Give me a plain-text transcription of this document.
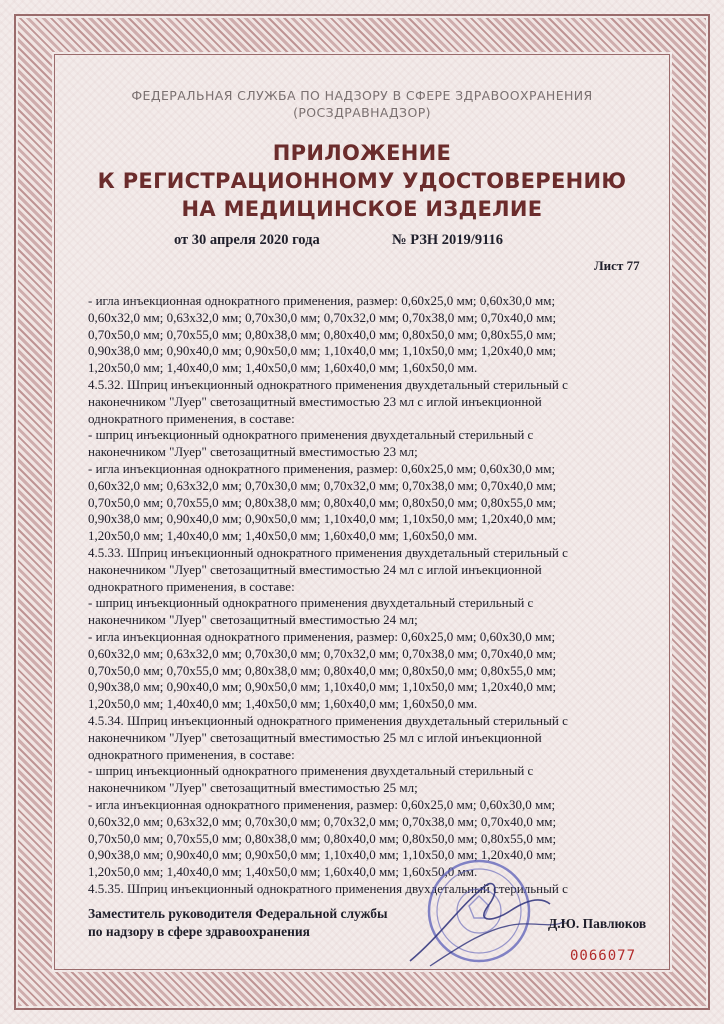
ФЕДЕРАЛЬНАЯ СЛУЖБА ПО НАДЗОРУ В СФЕРЕ ЗДРАВООХРАНЕНИЯ
(РОСЗДРАВНАДЗОР)
ПРИЛОЖЕНИЕ
К РЕГИСТРАЦИОННОМУ УДОСТОВЕРЕНИЮ
НА МЕДИЦИНСКОЕ ИЗДЕЛИЕ
от 30 апреля 2020 года	№ РЗН 2019/9116
Лист 77
- игла инъекционная однократного применения, размер: 0,60x25,0 мм; 0,60x30,0 мм;
0,60x32,0 мм; 0,63x32,0 мм; 0,70x30,0 мм; 0,70x32,0 мм; 0,70x38,0 мм; 0,70x40,0 мм;
0,70x50,0 мм; 0,70x55,0 мм; 0,80x38,0 мм; 0,80x40,0 мм; 0,80x50,0 мм; 0,80x55,0 мм;
0,90x38,0 мм; 0,90x40,0 мм; 0,90x50,0 мм; 1,10x40,0 мм; 1,10x50,0 мм; 1,20x40,0 мм;
1,20x50,0 мм; 1,40x40,0 мм; 1,40x50,0 мм; 1,60x40,0 мм; 1,60x50,0 мм.
4.5.32. Шприц инъекционный однократного применения двухдетальный стерильный с
наконечником "Луер" светозащитный вместимостью 23 мл с иглой инъекционной
однократного применения, в составе:
- шприц инъекционный однократного применения двухдетальный стерильный с
наконечником "Луер" светозащитный вместимостью 23 мл;
- игла инъекционная однократного применения, размер: 0,60x25,0 мм; 0,60x30,0 мм;
0,60x32,0 мм; 0,63x32,0 мм; 0,70x30,0 мм; 0,70x32,0 мм; 0,70x38,0 мм; 0,70x40,0 мм;
0,70x50,0 мм; 0,70x55,0 мм; 0,80x38,0 мм; 0,80x40,0 мм; 0,80x50,0 мм; 0,80x55,0 мм;
0,90x38,0 мм; 0,90x40,0 мм; 0,90x50,0 мм; 1,10x40,0 мм; 1,10x50,0 мм; 1,20x40,0 мм;
1,20x50,0 мм; 1,40x40,0 мм; 1,40x50,0 мм; 1,60x40,0 мм; 1,60x50,0 мм.
4.5.33. Шприц инъекционный однократного применения двухдетальный стерильный с
наконечником "Луер" светозащитный вместимостью 24 мл с иглой инъекционной
однократного применения, в составе:
- шприц инъекционный однократного применения двухдетальный стерильный с
наконечником "Луер" светозащитный вместимостью 24 мл;
- игла инъекционная однократного применения, размер: 0,60x25,0 мм; 0,60x30,0 мм;
0,60x32,0 мм; 0,63x32,0 мм; 0,70x30,0 мм; 0,70x32,0 мм; 0,70x38,0 мм; 0,70x40,0 мм;
0,70x50,0 мм; 0,70x55,0 мм; 0,80x38,0 мм; 0,80x40,0 мм; 0,80x50,0 мм; 0,80x55,0 мм;
0,90x38,0 мм; 0,90x40,0 мм; 0,90x50,0 мм; 1,10x40,0 мм; 1,10x50,0 мм; 1,20x40,0 мм;
1,20x50,0 мм; 1,40x40,0 мм; 1,40x50,0 мм; 1,60x40,0 мм; 1,60x50,0 мм.
4.5.34. Шприц инъекционный однократного применения двухдетальный стерильный с
наконечником "Луер" светозащитный вместимостью 25 мл с иглой инъекционной
однократного применения, в составе:
- шприц инъекционный однократного применения двухдетальный стерильный с
наконечником "Луер" светозащитный вместимостью 25 мл;
- игла инъекционная однократного применения, размер: 0,60x25,0 мм; 0,60x30,0 мм;
0,60x32,0 мм; 0,63x32,0 мм; 0,70x30,0 мм; 0,70x32,0 мм; 0,70x38,0 мм; 0,70x40,0 мм;
0,70x50,0 мм; 0,70x55,0 мм; 0,80x38,0 мм; 0,80x40,0 мм; 0,80x50,0 мм; 0,80x55,0 мм;
0,90x38,0 мм; 0,90x40,0 мм; 0,90x50,0 мм; 1,10x40,0 мм; 1,10x50,0 мм; 1,20x40,0 мм;
1,20x50,0 мм; 1,40x40,0 мм; 1,40x50,0 мм; 1,60x40,0 мм; 1,60x50,0 мм.
4.5.35. Шприц инъекционный однократного применения двухдетальный стерильный с
Заместитель руководителя Федеральной службы
по надзору в сфере здравоохранения
Д.Ю. Павлюков
0066077
